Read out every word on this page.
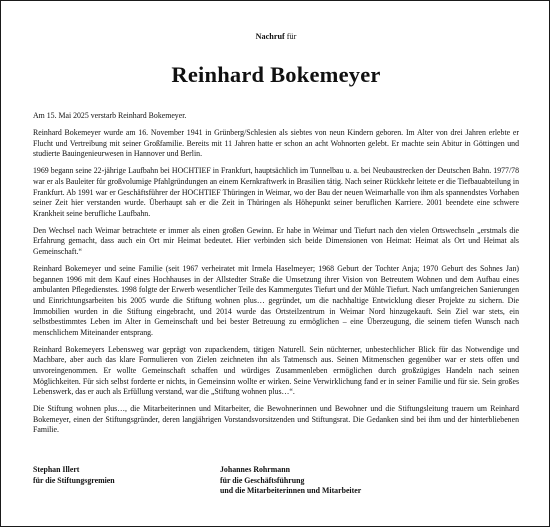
Nachruf für
Reinhard Bokemeyer

Am 15. Mai 2025 verstarb Reinhard Bokemeyer.

Reinhard Bokemeyer wurde am 16. November 1941 in Grünberg/Schlesien als siebtes von neun Kindern geboren. Im Alter von drei Jahren erlebte er Flucht und Vertreibung mit seiner Großfamilie. Bereits mit 11 Jahren hatte er schon an acht Wohnorten gelebt. Er machte sein Abitur in Göttingen und studierte Bauingenieurwesen in Hannover und Berlin.

1969 begann seine 22-jährige Laufbahn bei HOCHTIEF in Frankfurt, hauptsächlich im Tunnelbau u. a. bei Neubaustrecken der Deutschen Bahn. 1977/78 war er als Bauleiter für großvolumige Pfahlgründungen an einem Kernkraftwerk in Brasilien tätig. Nach seiner Rückkehr leitete er die Tiefbauabteilung in Frankfurt. Ab 1991 war er Geschäftsführer der HOCHTIEF Thüringen in Weimar, wo der Bau der neuen Weimarhalle von ihm als spannendstes Vorhaben seiner Zeit hier verstanden wurde. Überhaupt sah er die Zeit in Thüringen als Höhepunkt seiner beruflichen Karriere. 2001 beendete eine schwere Krankheit seine berufliche Laufbahn.

Den Wechsel nach Weimar betrachtete er immer als einen großen Gewinn. Er habe in Weimar und Tiefurt nach den vielen Ortswechseln „erstmals die Erfahrung gemacht, dass auch ein Ort mir Heimat bedeutet. Hier verbinden sich beide Dimensionen von Heimat: Heimat als Ort und Heimat als Gemeinschaft.“

Reinhard Bokemeyer und seine Familie (seit 1967 verheiratet mit Irmela Haselmeyer; 1968 Geburt der Tochter Anja; 1970 Geburt des Sohnes Jan) begannen 1996 mit dem Kauf eines Hochhauses in der Allstedter Straße die Umsetzung ihrer Vision von Betreutem Wohnen und dem Aufbau eines ambulanten Pflegedienstes. 1998 folgte der Erwerb wesentlicher Teile des Kammergutes Tiefurt und der Mühle Tiefurt. Nach umfangreichen Sanierungen und Einrichtungsarbeiten bis 2005 wurde die Stiftung wohnen plus… gegründet, um die nachhaltige Entwicklung dieser Projekte zu sichern. Die Immobilien wurden in die Stiftung eingebracht, und 2014 wurde das Ortsteilzentrum in Weimar Nord hinzugekauft. Sein Ziel war stets, ein selbstbestimmtes Leben im Alter in Gemeinschaft und bei bester Betreuung zu ermöglichen – eine Überzeugung, die seinem tiefen Wunsch nach menschlichem Miteinander entsprang.

Reinhard Bokemeyers Lebensweg war geprägt von zupackendem, tätigen Naturell. Sein nüchterner, unbestechlicher Blick für das Notwendige und Machbare, aber auch das klare Formulieren von Zielen zeichneten ihn als Tatmensch aus. Seinen Mitmenschen gegenüber war er stets offen und unvoreingenommen. Er wollte Gemeinschaft schaffen und würdiges Zusammenleben ermöglichen durch großzügiges Handeln nach seinen Möglichkeiten. Für sich selbst forderte er nichts, in Gemeinsinn wollte er wirken. Seine Verwirklichung fand er in seiner Familie und für sie. Sein großes Lebenswerk, das er auch als Erfüllung verstand, war die „Stiftung wohnen plus…“.

Die Stiftung wohnen plus…, die Mitarbeiterinnen und Mitarbeiter, die Bewohnerinnen und Bewohner und die Stiftungsleitung trauern um Reinhard Bokemeyer, einen der Stiftungsgründer, deren langjährigen Vorstandsvorsitzenden und Stiftungsrat. Die Gedanken sind bei ihm und der hinterbliebenen Familie.

Stephan Illert
für die Stiftungsgremien
Johannes Rohrmann
für die Geschäftsführung
und die Mitarbeiterinnen und Mitarbeiter
